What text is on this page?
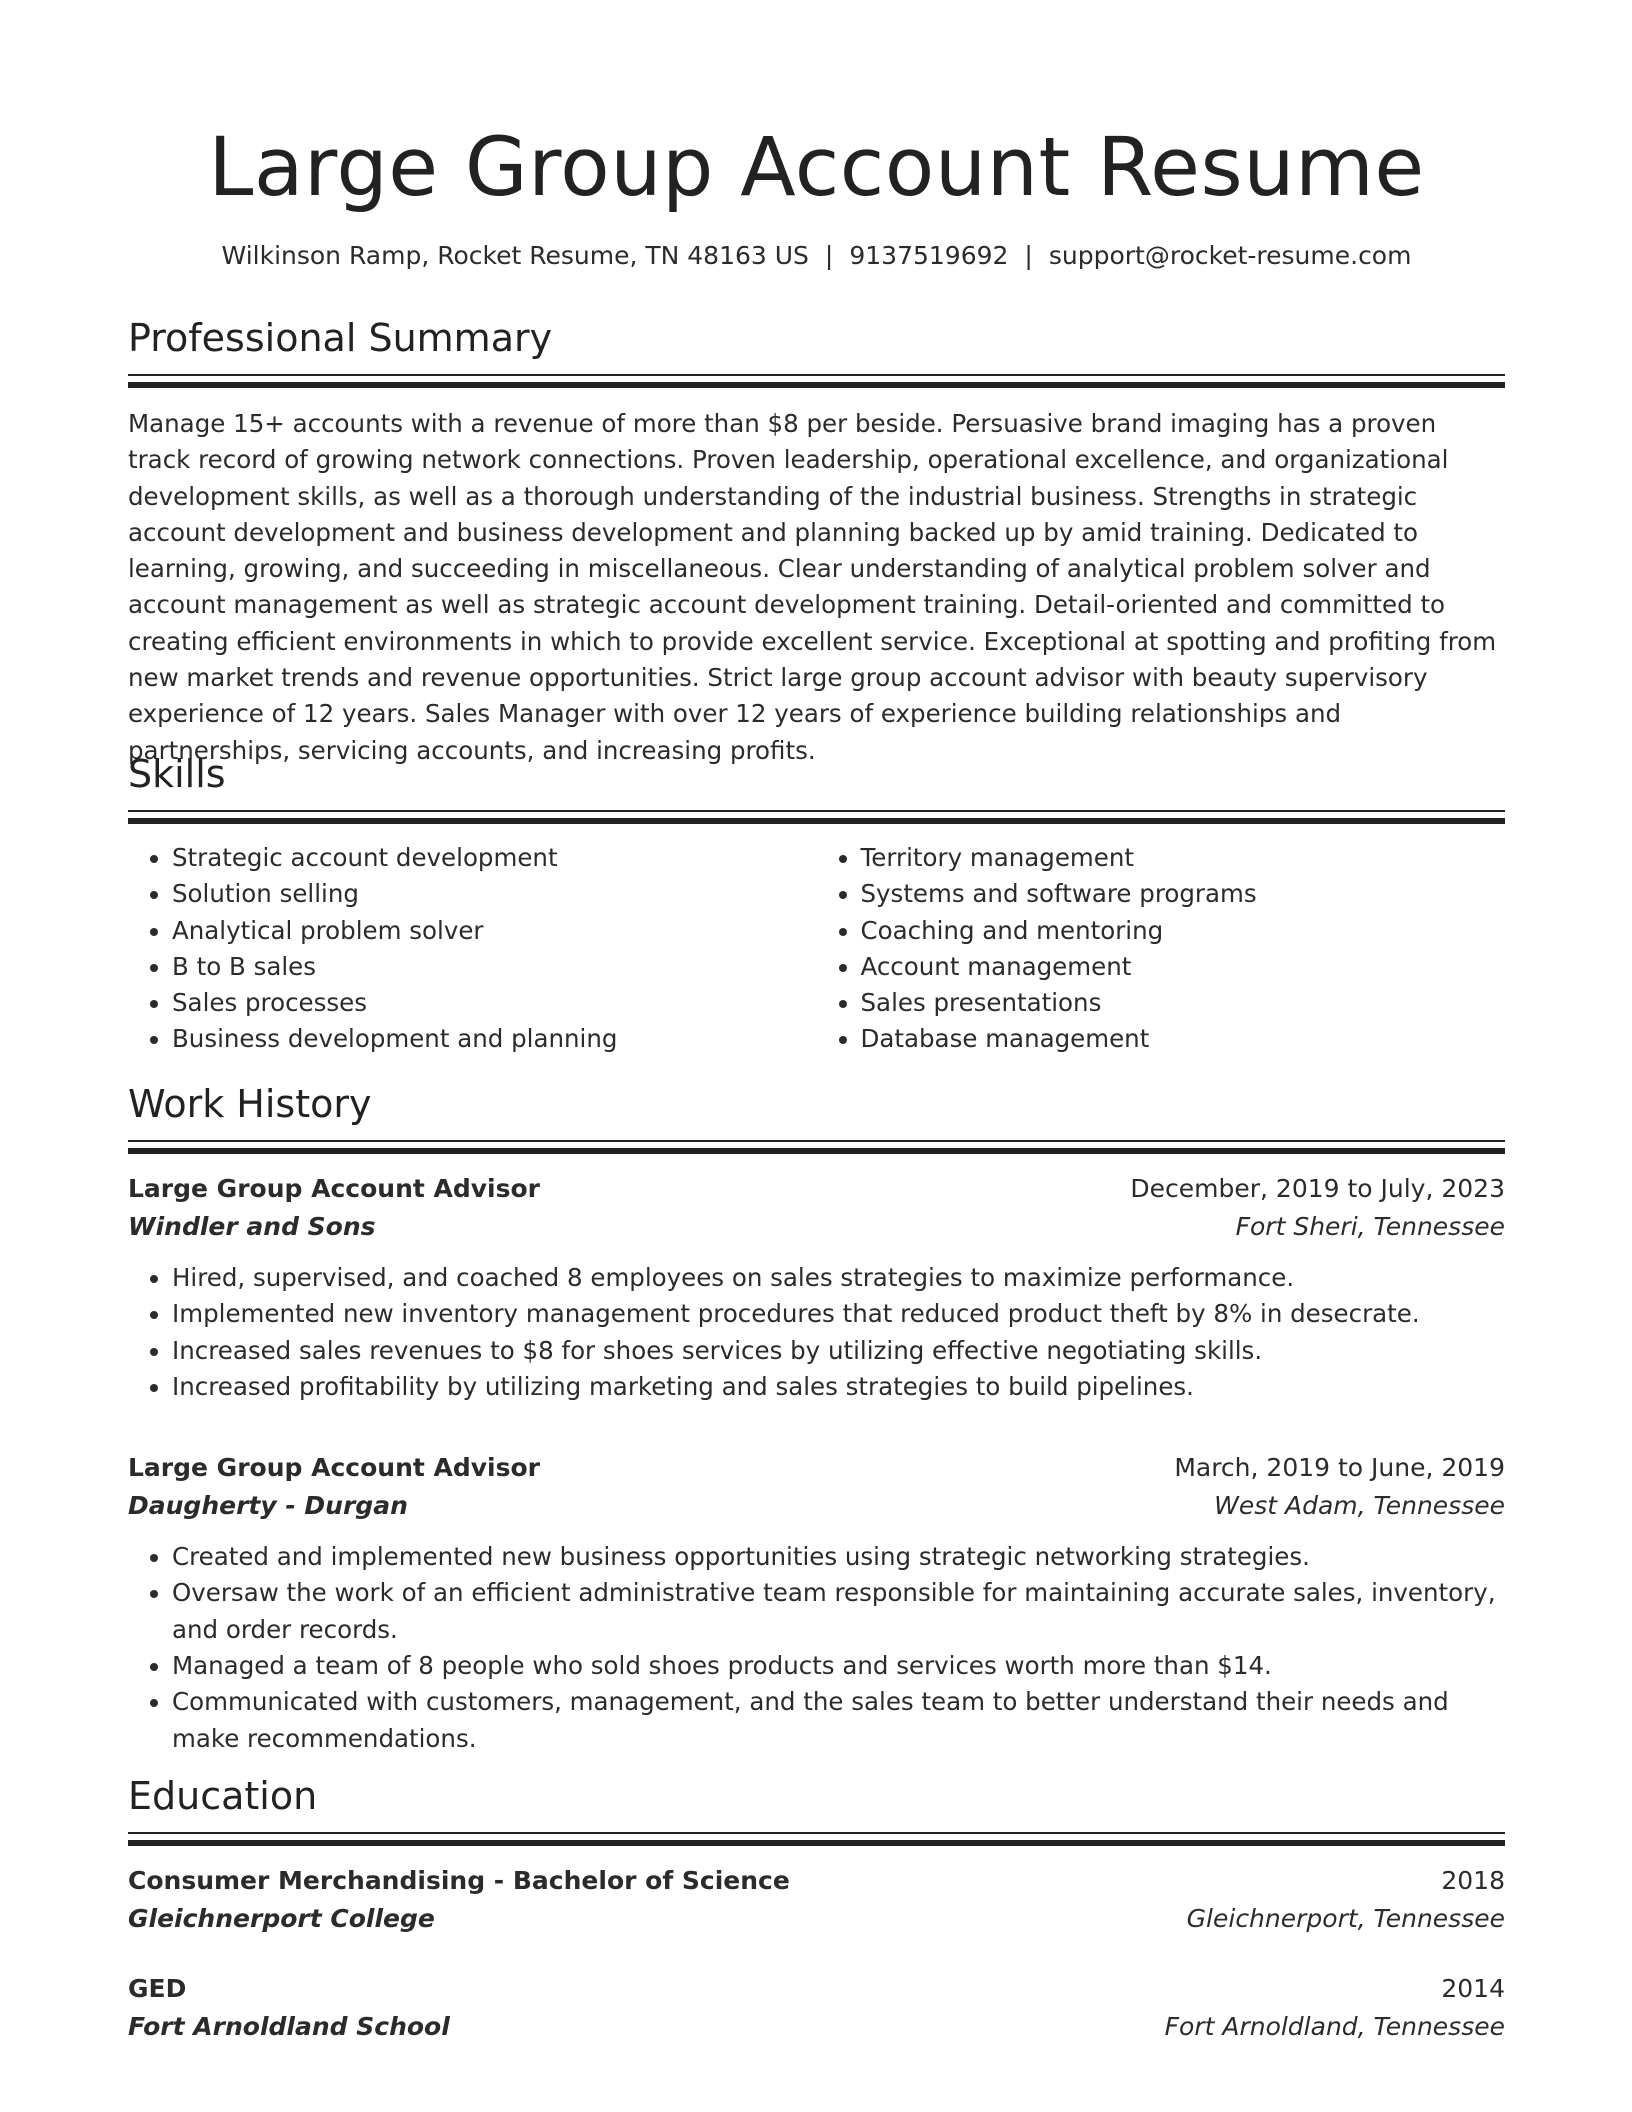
Large Group Account Resume
Wilkinson Ramp, Rocket Resume, TN 48163 US | 9137519692 | support@rocket-resume.com
Professional Summary

Manage 15+ accounts with a revenue of more than $8 per beside. Persuasive brand imaging has a proven track record of growing network connections. Proven leadership, operational excellence, and organizational development skills, as well as a thorough understanding of the industrial business. Strengths in strategic account development and business development and planning backed up by amid training. Dedicated to learning, growing, and succeeding in miscellaneous. Clear understanding of analytical problem solver and account management as well as strategic account development training. Detail-oriented and committed to creating efficient environments in which to provide excellent service. Exceptional at spotting and profiting from new market trends and revenue opportunities. Strict large group account advisor with beauty supervisory experience of 12 years. Sales Manager with over 12 years of experience building relationships and partnerships, servicing accounts, and increasing profits.

Skills
• Strategic account development
• Solution selling
• Analytical problem solver
• B to B sales
• Sales processes
• Business development and planning
• Territory management
• Systems and software programs
• Coaching and mentoring
• Account management
• Sales presentations
• Database management
Work History
Large Group Account Advisor	December, 2019 to July, 2023
Windler and Sons	Fort Sheri, Tennessee
• Hired, supervised, and coached 8 employees on sales strategies to maximize performance.
• Implemented new inventory management procedures that reduced product theft by 8% in desecrate.
• Increased sales revenues to $8 for shoes services by utilizing effective negotiating skills.
• Increased profitability by utilizing marketing and sales strategies to build pipelines.
Large Group Account Advisor	March, 2019 to June, 2019
Daugherty - Durgan	West Adam, Tennessee
• Created and implemented new business opportunities using strategic networking strategies.
• Oversaw the work of an efficient administrative team responsible for maintaining accurate sales, inventory, and order records.
• Managed a team of 8 people who sold shoes products and services worth more than $14.
• Communicated with customers, management, and the sales team to better understand their needs and make recommendations.
Education
Consumer Merchandising - Bachelor of Science	2018
Gleichnerport College	Gleichnerport, Tennessee
GED	2014
Fort Arnoldland School	Fort Arnoldland, Tennessee
